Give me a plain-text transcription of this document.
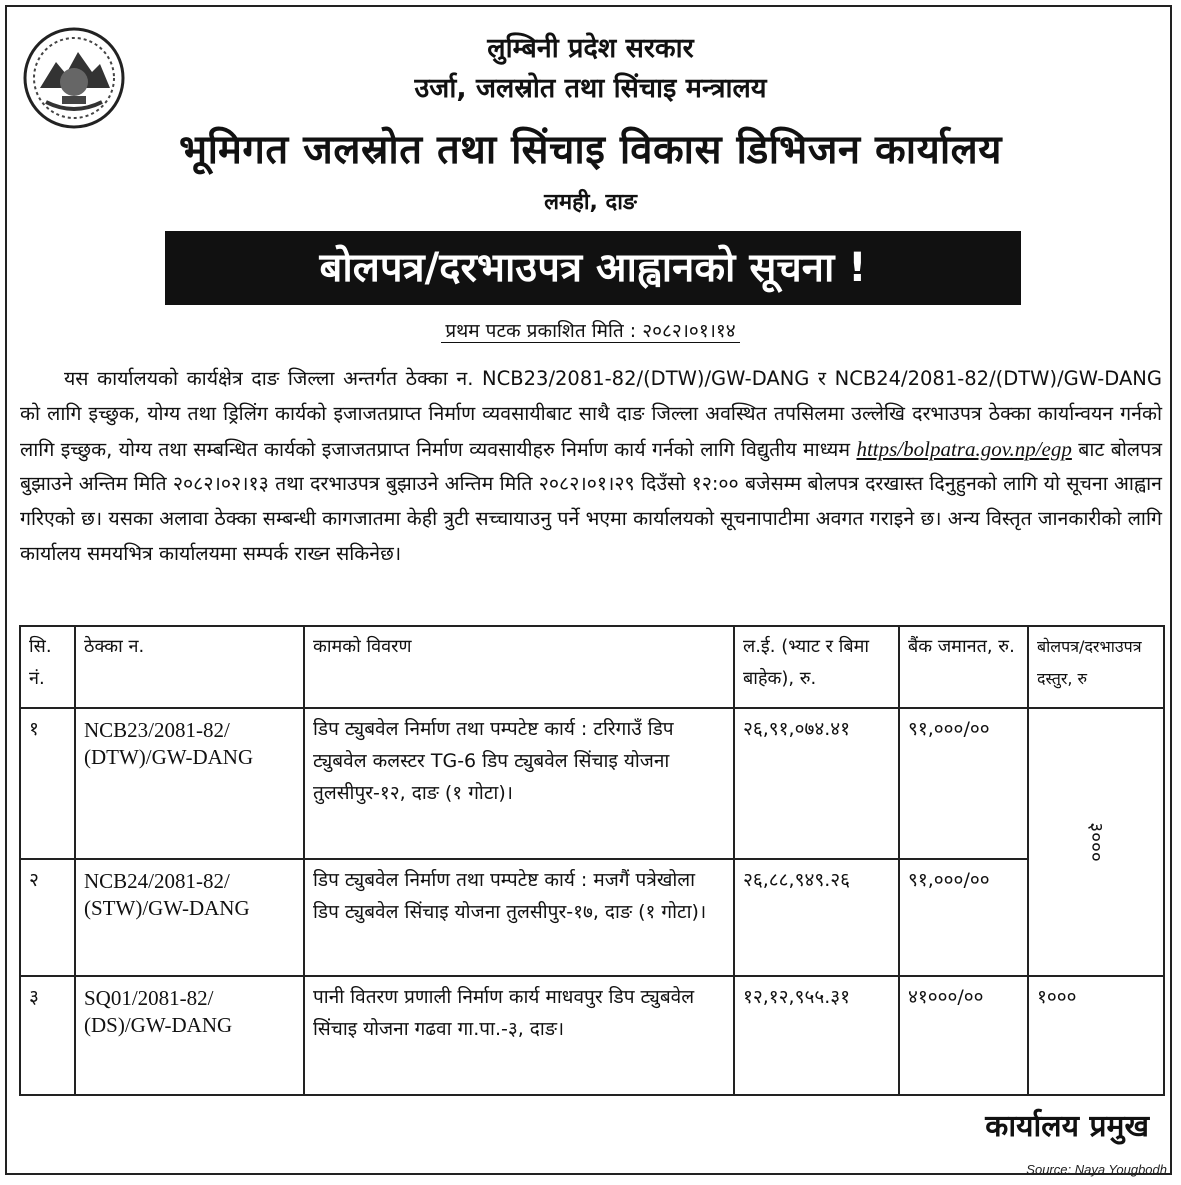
लुम्बिनी प्रदेश सरकार
उर्जा, जलस्रोत तथा सिंचाइ मन्त्रालय
भूमिगत जलस्रोत तथा सिंचाइ विकास डिभिजन कार्यालय
लमही, दाङ
बोलपत्र/दरभाउपत्र आह्वानको सूचना !
प्रथम पटक प्रकाशित मिति : २०८२।०१।१४
यस कार्यालयको कार्यक्षेत्र दाङ जिल्ला अन्तर्गत ठेक्का न. NCB23/2081-82/(DTW)/GW-DANG र NCB24/2081-82/(DTW)/GW-DANG को लागि इच्छुक, योग्य तथा ड्रिलिंग कार्यको इजाजतप्राप्त निर्माण व्यवसायीबाट साथै दाङ जिल्ला अवस्थित तपसिलमा उल्लेखि दरभाउपत्र ठेक्का कार्यान्वयन गर्नको लागि इच्छुक, योग्य तथा सम्बन्धित कार्यको इजाजतप्राप्त निर्माण व्यवसायीहरु निर्माण कार्य गर्नको लागि विद्युतीय माध्यम https/bolpatra.gov.np/egp बाट बोलपत्र बुझाउने अन्तिम मिति २०८२।०२।१३ तथा दरभाउपत्र बुझाउने अन्तिम मिति २०८२।०१।२९ दिउँसो १२:०० बजेसम्म बोलपत्र दरखास्त दिनुहुनको लागि यो सूचना आह्वान गरिएको छ। यसका अलावा ठेक्का सम्बन्धी कागजातमा केही त्रुटी सच्चायाउनु पर्ने भएमा कार्यालयको सूचनापाटीमा अवगत गराइने छ। अन्य विस्तृत जानकारीको लागि कार्यालय समयभित्र कार्यालयमा सम्पर्क राख्न सकिनेछ।
सि. नं.	ठेक्का न.	कामको विवरण	ल.ई. (भ्याट र बिमा बाहेक), रु.	बैंक जमानत, रु.	बोलपत्र/दरभाउपत्र दस्तुर, रु
१	NCB23/2081-82/ (DTW)/GW-DANG	डिप ट्युबवेल निर्माण तथा पम्पटेष्ट कार्य : टरिगाउँ डिप ट्युबवेल कलस्टर TG-6 डिप ट्युबवेल सिंचाइ योजना तुलसीपुर-१२, दाङ (१ गोटा)।	२६,९१,०७४.४१	९१,०००/००	३०००

२	NCB24/2081-82/ (STW)/GW-DANG	डिप ट्युबवेल निर्माण तथा पम्पटेष्ट कार्य : मजगैं पत्रेखोला डिप ट्युबवेल सिंचाइ योजना तुलसीपुर-१७, दाङ (१ गोटा)।	२६,८८,९४९.२६	९१,०००/००	
३	SQ01/2081-82/ (DS)/GW-DANG	पानी वितरण प्रणाली निर्माण कार्य माधवपुर डिप ट्युबवेल सिंचाइ योजना गढवा गा.पा.-३, दाङ।	१२,१२,९५५.३१	४१०००/००	१०००
कार्यालय प्रमुख
Source: Naya Yougbodh
